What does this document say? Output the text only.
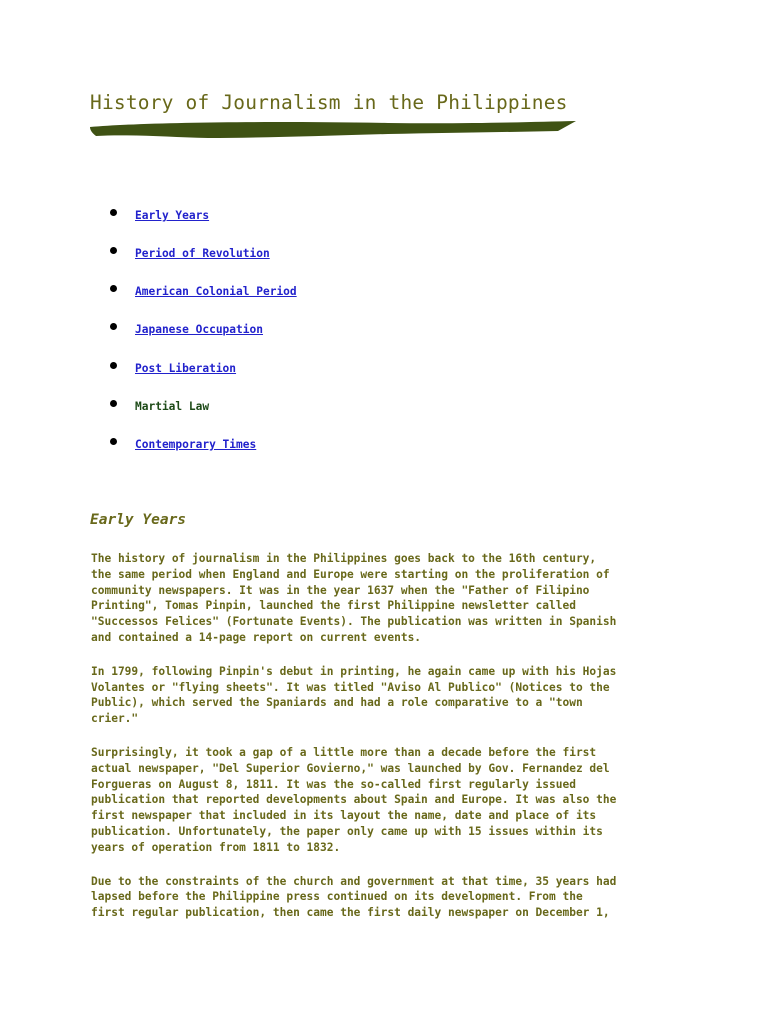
History of Journalism in the Philippines
Early Years
Period of Revolution
American Colonial Period
Japanese Occupation
Post Liberation
Martial Law
Contemporary Times
Early Years

The history of journalism in the Philippines goes back to the 16th century,
the same period when England and Europe were starting on the proliferation of
community newspapers. It was in the year 1637 when the "Father of Filipino
Printing", Tomas Pinpin, launched the first Philippine newsletter called
"Successos Felices" (Fortunate Events). The publication was written in Spanish
and contained a 14-page report on current events.

In 1799, following Pinpin's debut in printing, he again came up with his Hojas
Volantes or "flying sheets". It was titled "Aviso Al Publico" (Notices to the
Public), which served the Spaniards and had a role comparative to a "town
crier."

Surprisingly, it took a gap of a little more than a decade before the first
actual newspaper, "Del Superior Govierno," was launched by Gov. Fernandez del
Forgueras on August 8, 1811. It was the so-called first regularly issued
publication that reported developments about Spain and Europe. It was also the
first newspaper that included in its layout the name, date and place of its
publication. Unfortunately, the paper only came up with 15 issues within its
years of operation from 1811 to 1832.

Due to the constraints of the church and government at that time, 35 years had
lapsed before the Philippine press continued on its development. From the
first regular publication, then came the first daily newspaper on December 1,
